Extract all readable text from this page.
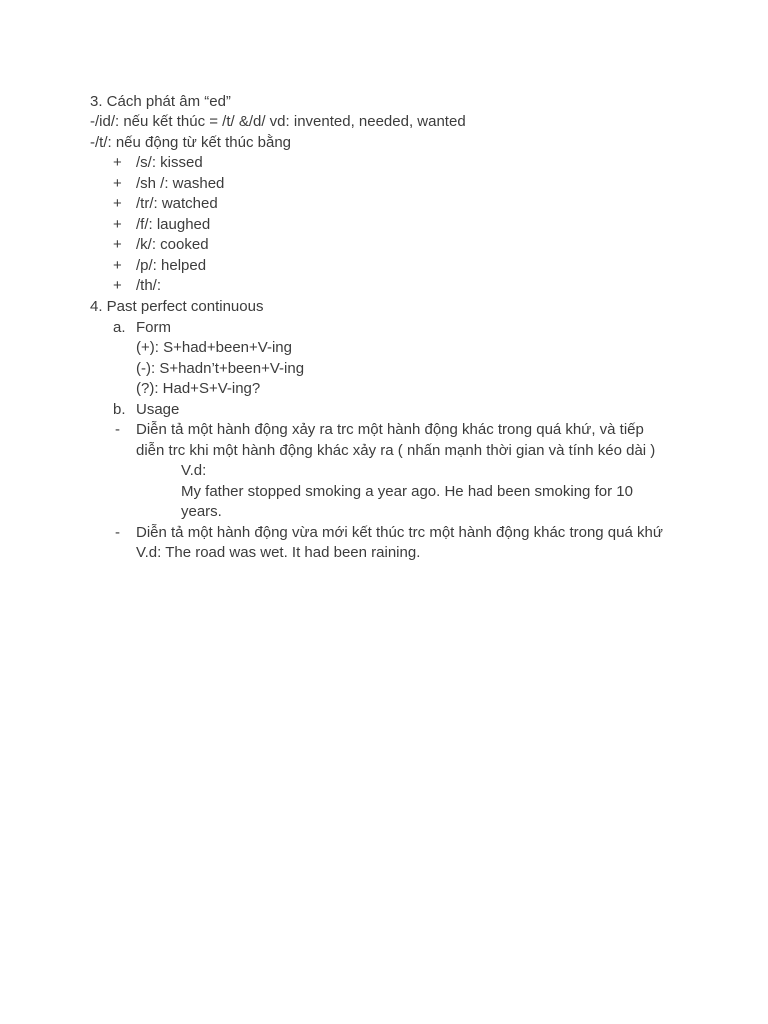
3. Cách phát âm “ed”
-/id/: nếu kết thúc = /t/ &/d/ vd: invented, needed, wanted
-/t/: nếu động từ kết thúc bằng
+ /s/: kissed
+ /sh /: washed
+ /tr/: watched
+ /f/: laughed
+ /k/: cooked
+ /p/: helped
+ /th/:
4. Past perfect continuous
a. Form
(+): S+had+been+V-ing
(-): S+hadn’t+been+V-ing
(?): Had+S+V-ing?
b. Usage
- Diễn tả một hành động xảy ra trc một hành động khác trong quá khứ, và tiếp
diễn trc khi một hành động khác xảy ra ( nhấn mạnh thời gian và tính kéo dài )
V.d:
My father stopped smoking a year ago. He had been smoking for 10
years.
- Diễn tả một hành động vừa mới kết thúc trc một hành động khác trong quá khứ
V.d: The road was wet. It had been raining.
